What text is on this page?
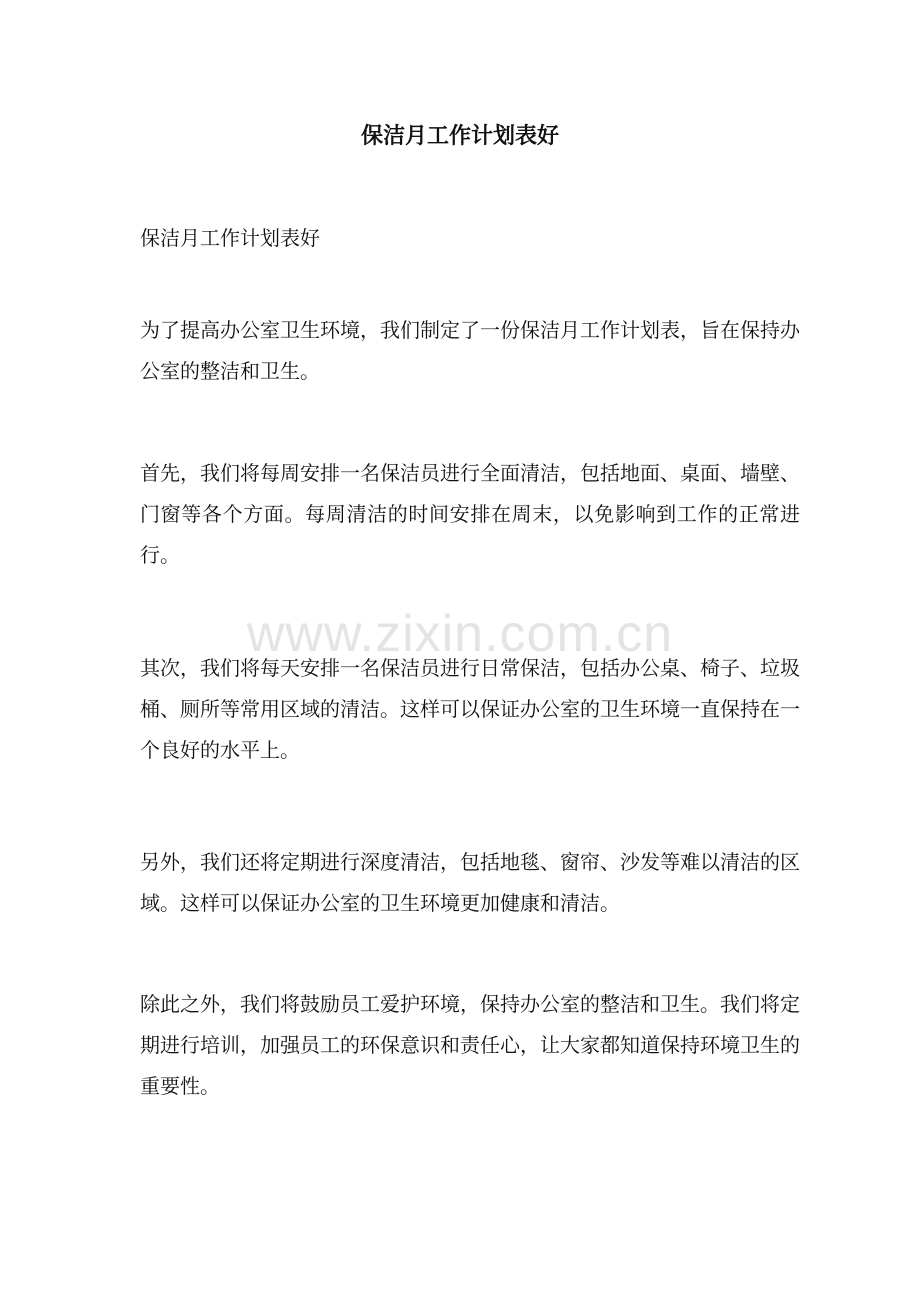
保洁月工作计划表好

保洁月工作计划表好

为了提高办公室卫生环境，我们制定了一份保洁月工作计划表，旨在保持办公室的整洁和卫生。

首先，我们将每周安排一名保洁员进行全面清洁，包括地面、桌面、墙壁、门窗等各个方面。每周清洁的时间安排在周末，以免影响到工作的正常进行。

www.zixin.com.cn

其次，我们将每天安排一名保洁员进行日常保洁，包括办公桌、椅子、垃圾桶、厕所等常用区域的清洁。这样可以保证办公室的卫生环境一直保持在一个良好的水平上。

另外，我们还将定期进行深度清洁，包括地毯、窗帘、沙发等难以清洁的区域。这样可以保证办公室的卫生环境更加健康和清洁。

除此之外，我们将鼓励员工爱护环境，保持办公室的整洁和卫生。我们将定期进行培训，加强员工的环保意识和责任心，让大家都知道保持环境卫生的重要性。
